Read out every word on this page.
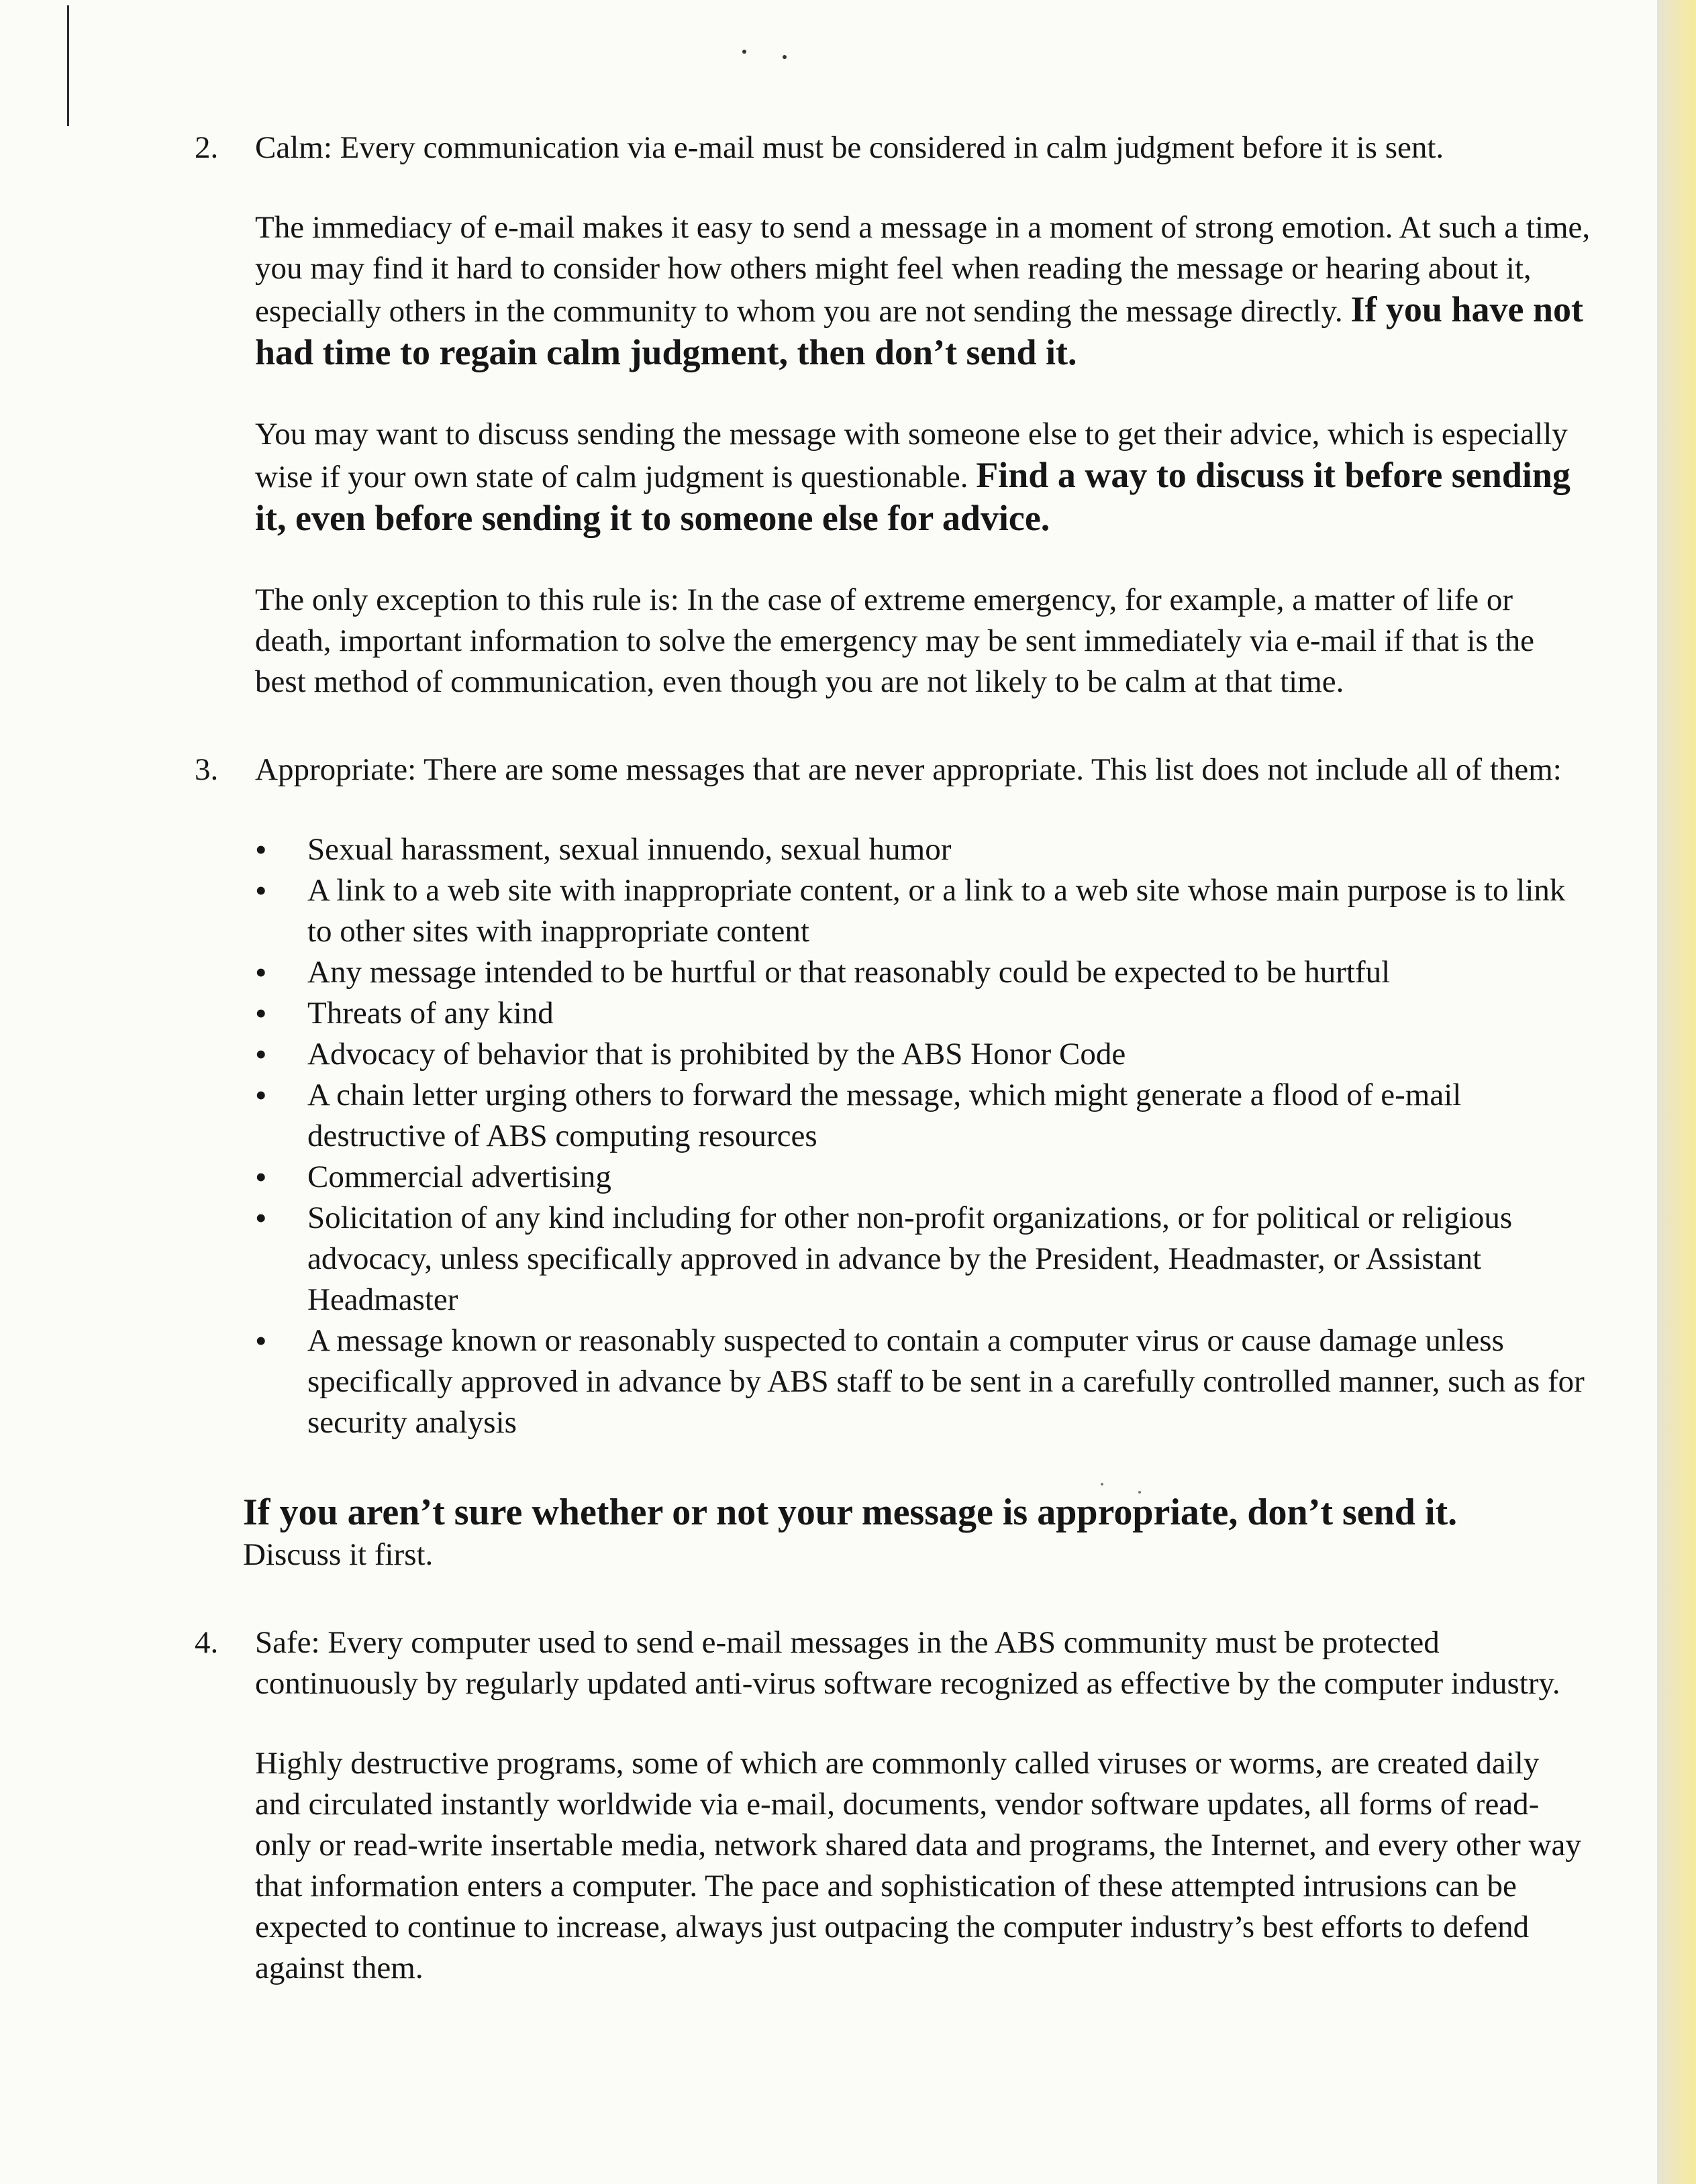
2. Calm: Every communication via e-mail must be considered in calm judgment before it is sent.

The immediacy of e-mail makes it easy to send a message in a moment of strong emotion. At such a time, you may find it hard to consider how others might feel when reading the message or hearing about it, especially others in the community to whom you are not sending the message directly. If you have not had time to regain calm judgment, then don’t send it.

You may want to discuss sending the message with someone else to get their advice, which is especially wise if your own state of calm judgment is questionable. Find a way to discuss it before sending it, even before sending it to someone else for advice.

The only exception to this rule is: In the case of extreme emergency, for example, a matter of life or death, important information to solve the emergency may be sent immediately via e-mail if that is the best method of communication, even though you are not likely to be calm at that time.

3. Appropriate: There are some messages that are never appropriate. This list does not include all of them:

• Sexual harassment, sexual innuendo, sexual humor
• A link to a web site with inappropriate content, or a link to a web site whose main purpose is to link to other sites with inappropriate content
• Any message intended to be hurtful or that reasonably could be expected to be hurtful
• Threats of any kind
• Advocacy of behavior that is prohibited by the ABS Honor Code
• A chain letter urging others to forward the message, which might generate a flood of e-mail destructive of ABS computing resources
• Commercial advertising
• Solicitation of any kind including for other non-profit organizations, or for political or religious advocacy, unless specifically approved in advance by the President, Headmaster, or Assistant Headmaster
• A message known or reasonably suspected to contain a computer virus or cause damage unless specifically approved in advance by ABS staff to be sent in a carefully controlled manner, such as for security analysis

If you aren’t sure whether or not your message is appropriate, don’t send it.

Discuss it first.

4. Safe: Every computer used to send e-mail messages in the ABS community must be protected continuously by regularly updated anti-virus software recognized as effective by the computer industry.

Highly destructive programs, some of which are commonly called viruses or worms, are created daily and circulated instantly worldwide via e-mail, documents, vendor software updates, all forms of read-only or read-write insertable media, network shared data and programs, the Internet, and every other way that information enters a computer. The pace and sophistication of these attempted intrusions can be expected to continue to increase, always just outpacing the computer industry’s best efforts to defend against them.
